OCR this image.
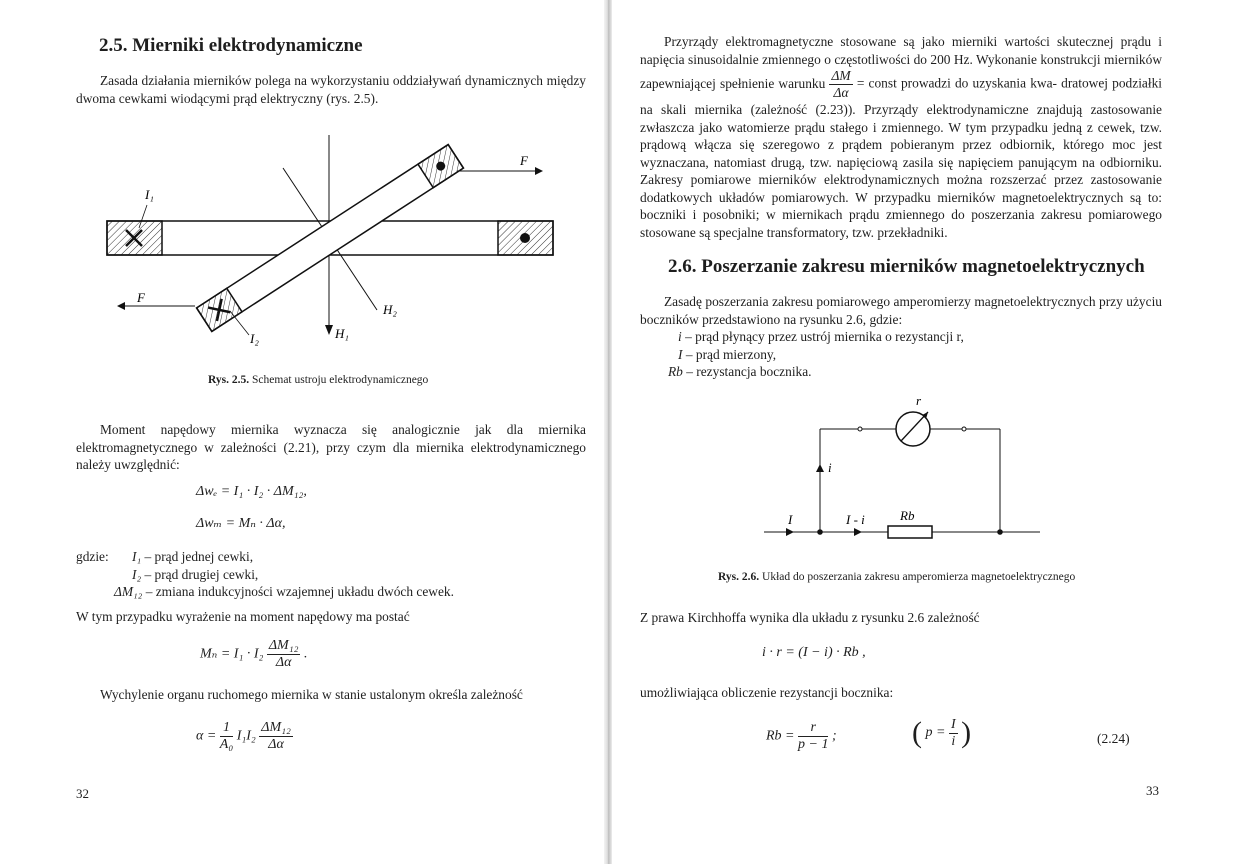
2.5. Mierniki elektrodynamiczne

Zasada działania mierników polega na wykorzystaniu oddziaływań dynamicznych między dwoma cewkami wiodącymi prąd elektryczny (rys. 2.5).

I₁
F
F
I₂	H₁
H₂
Rys. 2.5. Schemat ustroju elektrodynamicznego

Moment napędowy miernika wyznacza się analogicznie jak dla miernika elektromagnetycznego w zależności (2.21), przy czym dla miernika elektrodynamicznego należy uwzględnić:

Δwₑ = I₁ · I₂ · ΔM₁₂,
Δwₘ = Mₙ · Δα,
gdzie:	I₁ – prąd jednej cewki,
I₂ – prąd drugiej cewki,
ΔM₁₂ – zmiana indukcyjności wzajemnej układu dwóch cewek.

W tym przypadku wyrażenie na moment napędowy ma postać

$M_n = I_1 \cdot I_2 \frac{\text{ΔM₁₂}}{\Delta\alpha}$ .

Wychylenie organu ruchomego miernika w stanie ustalonym określa zależność

$\alpha = \frac{1}{\text{A₀}} I_1I_2 \frac{\text{ΔM₁₂}}{\Delta\alpha}$
32
Przyrządy elektromagnetyczne stosowane są jako mierniki wartości skutecznej prądu i napięcia sinusoidalnie zmiennego o częstotliwości do 200 Hz. Wykonanie konstrukcji mierników zapewniającej spełnienie warunku $\frac{\Delta M}{\Delta\alpha}$ = const prowadzi do uzyskania kwa- dratowej podziałki na skali miernika (zależność (2.23)). Przyrządy elektrodynamiczne znajdują zastosowanie zwłaszcza jako watomierze prądu stałego i zmiennego. W tym przypadku jedną z cewek, tzw. prądową włącza się szeregowo z prądem pobieranym przez odbiornik, którego moc jest wyznaczana, natomiast drugą, tzw. napięciową zasila się napięciem panującym na odbiorniku. Zakresy pomiarowe mierników elektrodynamicznych można rozszerzać przez zastosowanie dodatkowych układów pomiarowych. W przypadku mierników magnetoelektrycznych są to: boczniki i posobniki; w miernikach prądu zmiennego do poszerzania zakresu pomiarowego stosowane są specjalne transformatory, tzw. przekładniki.
2.6. Poszerzanie zakresu mierników magnetoelektrycznych

Zasadę poszerzania zakresu pomiarowego amperomierzy magnetoelektrycznych przy użyciu boczników przedstawiono na rysunku 2.6, gdzie:

i – prąd płynący przez ustrój miernika o rezystancji r,
I – prąd mierzony,
Rb – rezystancja bocznika.
r
i
I	I - i	Rb
Rys. 2.6. Układ do poszerzania zakresu amperomierza magnetoelektrycznego

Z prawa Kirchhoffa wynika dla układu z rysunku 2.6 zależność

i · r = (I − i) · Rb ,

umożliwiająca obliczenie rezystancji bocznika:

$Rb = \frac{r}{p - 1}$ ;	( $p = \frac{I}{i}$ )	(2.24)
33
